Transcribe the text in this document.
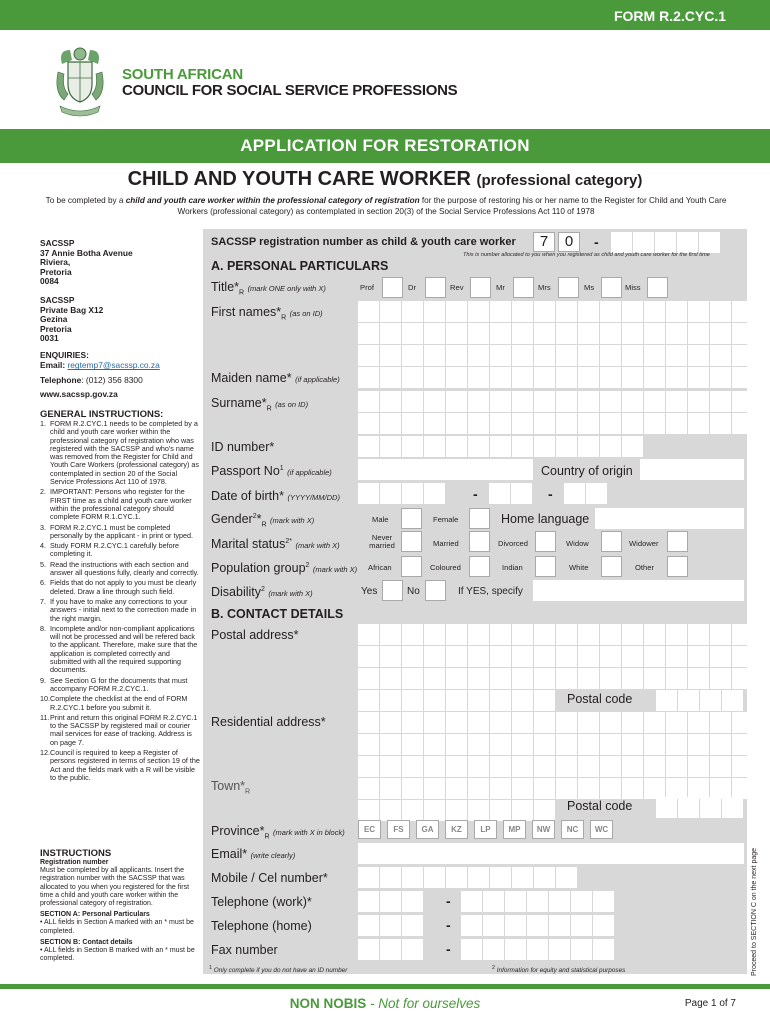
FORM R.2.CYC.1
SOUTH AFRICAN
COUNCIL FOR SOCIAL SERVICE PROFESSIONS
APPLICATION FOR RESTORATION
CHILD AND YOUTH CARE WORKER (professional category)
To be completed by a child and youth care worker within the professional category of registration for the purpose of restoring his or her name to the Register for Child and Youth Care Workers (professional category) as contemplated in section 20(3) of the Social Service Professions Act 110 of 1978
SACSSP
37 Annie Botha Avenue
Riviera,
Pretoria
0084
SACSSP
Private Bag X12
Gezina
Pretoria
0031
ENQUIRIES:
Email: regtemp7@sacssp.co.za
Telephone: (012) 356 8300
www.sacssp.gov.za
GENERAL INSTRUCTIONS:
1. FORM R.2.CYC.1 needs to be completed by a child and youth care worker within the professional category of registration who was registered with the SACSSP and who's name was removed from the Register for Child and Youth Care Workers (professional category) as contemplated in section 20 of the Social Service Professions Act 110 of 1978.
2. IMPORTANT: Persons who register for the FIRST time as a child and youth care worker within the professional category should complete FORM R.1.CYC.1.
3. FORM R.2.CYC.1 must be completed personally by the applicant - in print or typed.
4. Study FORM R.2.CYC.1 carefully before completing it.
5. Read the instructions with each section and answer all questions fully, clearly and correctly.
6. Fields that do not apply to you must be clearly deleted. Draw a line through such field.
7. If you have to make any corrections to your answers - initial next to the correction made in the right margin.
8. Incomplete and/or non-compliant applications will not be processed and will be refered back to the applicant. Therefore, make sure that the application is completed correctly and submitted with all the required supporting documents.
9. See Section G for the documents that must accompany FORM R.2.CYC.1.
10. Complete the checklist at the end of FORM R.2.CYC.1 before you submit it.
11. Print and return this original FORM R.2.CYC.1 to the SACSSP by registered mail or courier mail services for ease of tracking. Address is on page 7.
12. Council is required to keep a Register of persons registered in terms of section 19 of the Act and the fields mark with a R will be visible to the public.
INSTRUCTIONS
Registration number
Must be completed by all applicants. Insert the registration number with the SACSSP that was allocated to you when you registered for the first time a child and youth care worker within the professional category of registration.
SECTION A: Personal Particulars
• ALL fields in Section A marked with an * must be completed.
SECTION B: Contact details
• ALL fields in Section B marked with an * must be completed.
SACSSP registration number as child & youth care worker	7	0	-
This is number allocated to you when you registered as child and youth care worker for the first time
A. PERSONAL PARTICULARS
$Title*_R$ (mark ONE only with X)	Prof	Dr	Rev	Mr	Mrs	Ms	Miss
First $names*_R$ (as on ID)
Maiden name* (if applicable)
$Surname*_R$ (as on ID)
ID number*
Passport No$^1$ (if applicable)	Country of origin
Date of birth* (YYYY/MM/DD)	-	-
$Gender^2*_R$ (mark with X)	Male	Female	Home language
Marital status$^{2*}$ (mark with X)
Never married	Married	Divorced	Widow	Widower
Population group$^2$ (mark with X) African	Coloured	Indian	White	Other
Disability$^2$ (mark with X)	Yes	No	If YES, specify
B. CONTACT DETAILS
Postal address*
Postal code
Residential address*
$Town*_R$
Postal code
$Province*_R$ (mark with X in block)	EC	FS	GA	KZ	LP	MP	NW	NC	WC
Email* (write clearly)
Mobile / Cel number*
Telephone (work)*	-
Telephone (home)	-
Fax number	-
$^1$ Only complete if you do not have an ID number	$^2$ Information for equity and statistical purposes	Proceed to SECTION C on the next page
NON NOBIS - Not for ourselves	Page 1 of 7
